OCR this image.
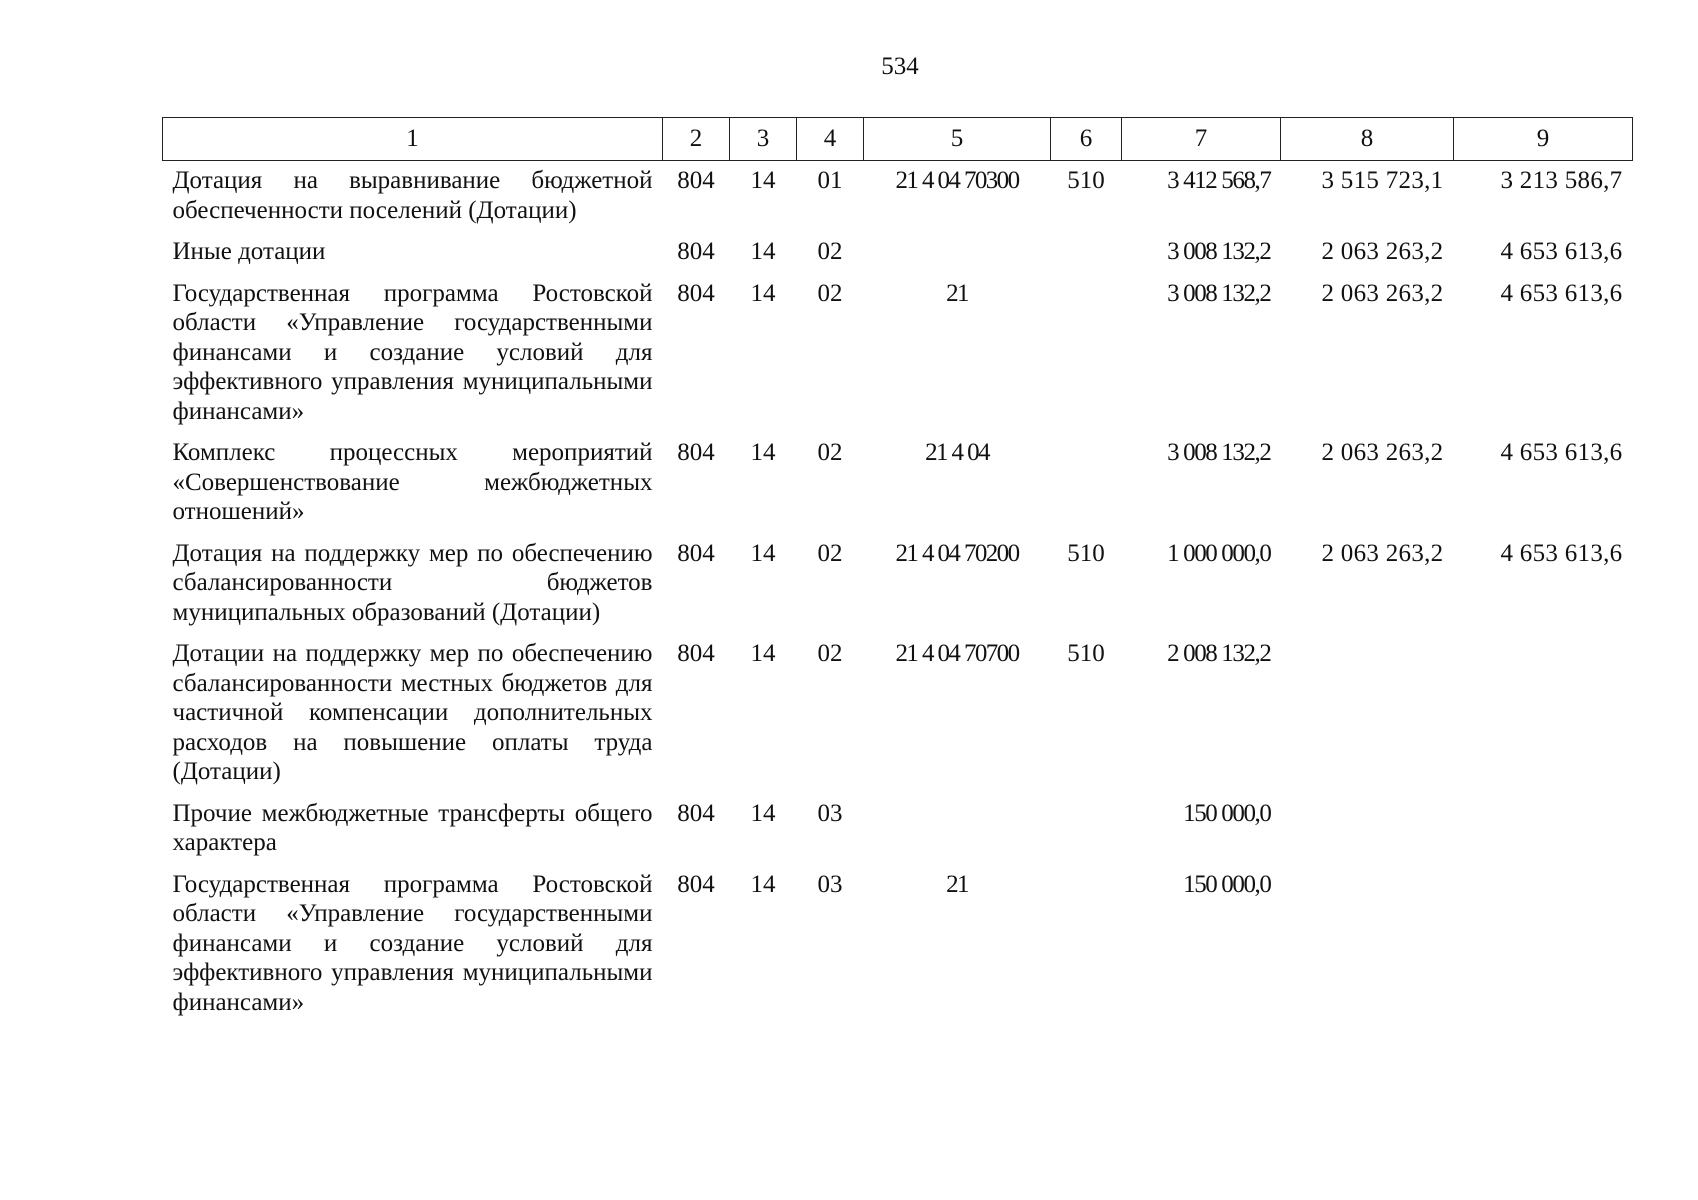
534
1	2	3	4	5	6	7	8	9
Дотация на выравнивание бюджетной обеспеченности поселений (Дотации)	804	14	01	21 4 04 70300	510	3 412 568,7	3 515 723,1	3 213 586,7
Иные дотации	804	14	02			3 008 132,2	2 063 263,2	4 653 613,6
Государственная программа Ростовской области «Управление государственными финансами и создание условий для эффективного управления муниципальными финансами»	804	14	02	21		3 008 132,2	2 063 263,2	4 653 613,6
Комплекс процессных мероприятий «Совершенствование межбюджетных отношений»	804	14	02	21 4 04		3 008 132,2	2 063 263,2	4 653 613,6
Дотация на поддержку мер по обеспечению сбалансированности бюджетов муниципальных образований (Дотации)	804	14	02	21 4 04 70200	510	1 000 000,0	2 063 263,2	4 653 613,6
Дотации на поддержку мер по обеспечению сбалансированности местных бюджетов для частичной компенсации дополнительных расходов на повышение оплаты труда (Дотации)	804	14	02	21 4 04 70700	510	2 008 132,2		
Прочие межбюджетные трансферты общего характера	804	14	03			150 000,0		
Государственная программа Ростовской области «Управление государственными финансами и создание условий для эффективного управления муниципальными финансами»	804	14	03	21		150 000,0		
